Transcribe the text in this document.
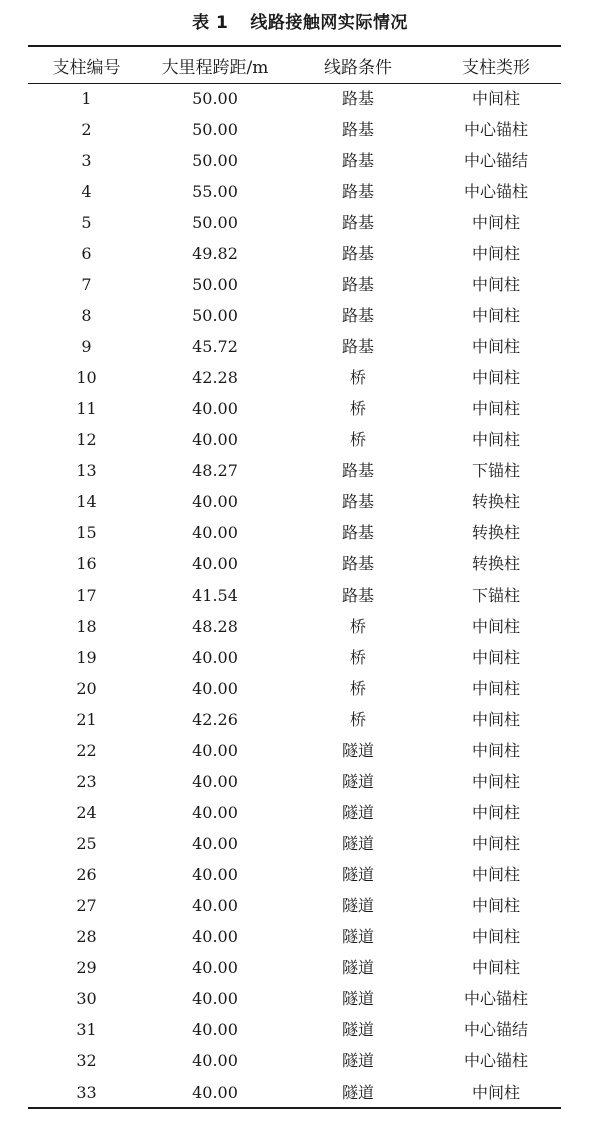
表 1 线路接触网实际情况
支柱编号	大里程跨距/m	线路条件	支柱类形
1	50.00	路基	中间柱
2	50.00	路基	中心锚柱
3	50.00	路基	中心锚结
4	55.00	路基	中心锚柱
5	50.00	路基	中间柱
6	49.82	路基	中间柱
7	50.00	路基	中间柱
8	50.00	路基	中间柱
9	45.72	路基	中间柱
10	42.28	桥	中间柱
11	40.00	桥	中间柱
12	40.00	桥	中间柱
13	48.27	路基	下锚柱
14	40.00	路基	转换柱
15	40.00	路基	转换柱
16	40.00	路基	转换柱
17	41.54	路基	下锚柱
18	48.28	桥	中间柱
19	40.00	桥	中间柱
20	40.00	桥	中间柱
21	42.26	桥	中间柱
22	40.00	隧道	中间柱
23	40.00	隧道	中间柱
24	40.00	隧道	中间柱
25	40.00	隧道	中间柱
26	40.00	隧道	中间柱
27	40.00	隧道	中间柱
28	40.00	隧道	中间柱
29	40.00	隧道	中间柱
30	40.00	隧道	中心锚柱
31	40.00	隧道	中心锚结
32	40.00	隧道	中心锚柱
33	40.00	隧道	中间柱
